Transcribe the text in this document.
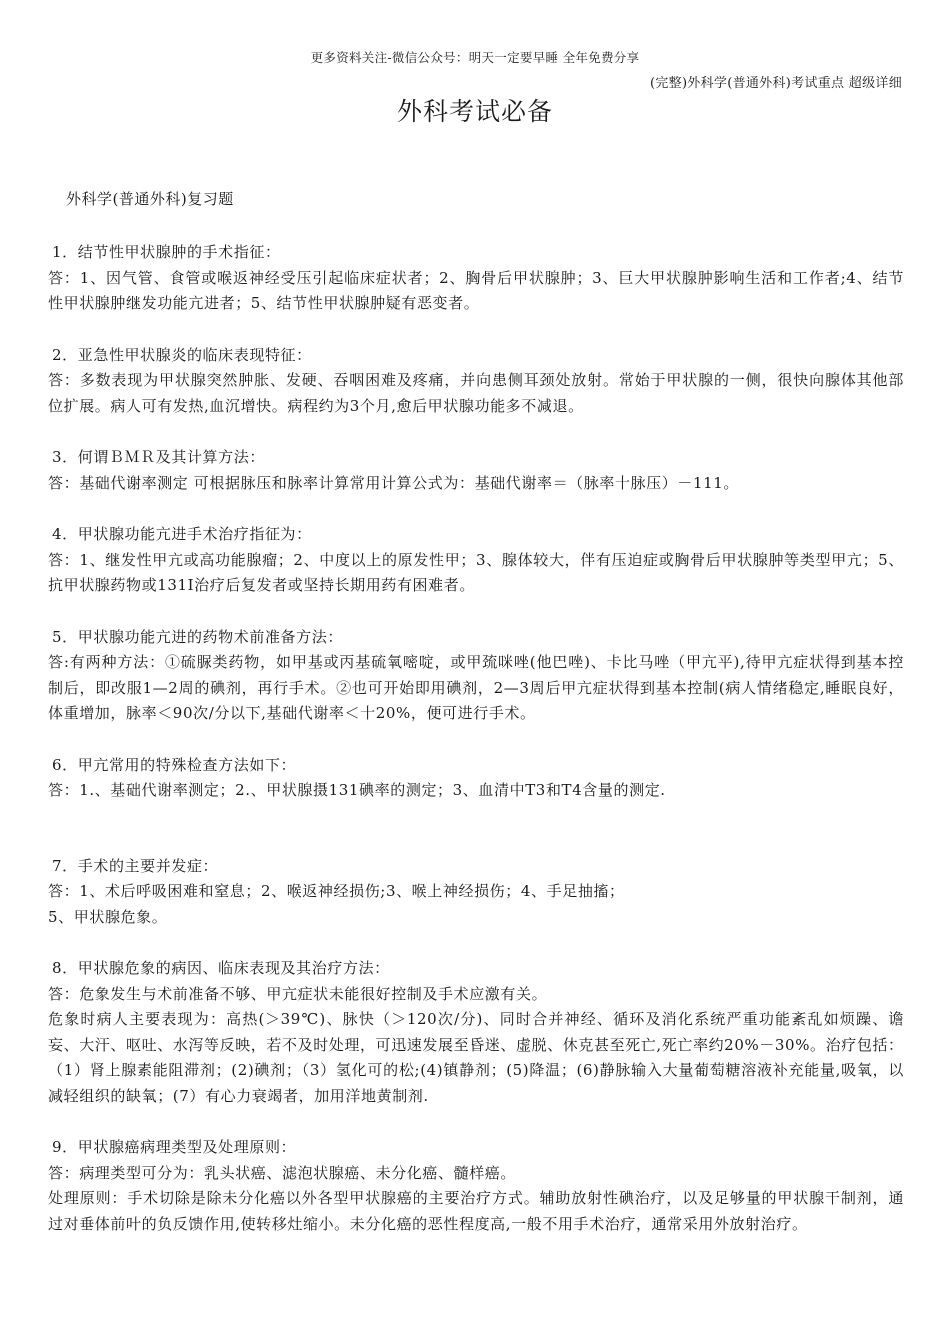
更多资料关注-微信公众号：明天一定要早睡 全年免费分享
(完整)外科学(普通外科)考试重点 超级详细
外科考试必备
外科学(普通外科)复习题

1．结节性甲状腺肿的手术指征：

答：1、因气管、食管或喉返神经受压引起临床症状者；2、胸骨后甲状腺肿；3、巨大甲状腺肿影响生活和工作者;4、结节性甲状腺肿继发功能亢进者；5、结节性甲状腺肿疑有恶变者。

2．亚急性甲状腺炎的临床表现特征：

答：多数表现为甲状腺突然肿胀、发硬、吞咽困难及疼痛，并向患侧耳颈处放射。常始于甲状腺的一侧，很快向腺体其他部位扩展。病人可有发热,血沉增快。病程约为3个月,愈后甲状腺功能多不减退。

3．何谓ＢＭＲ及其计算方法：

答：基础代谢率测定 可根据脉压和脉率计算常用计算公式为：基础代谢率＝（脉率十脉压）－111。

4．甲状腺功能亢进手术治疗指征为：

答：1、继发性甲亢或高功能腺瘤；2、中度以上的原发性甲；3、腺体较大，伴有压迫症或胸骨后甲状腺肿等类型甲亢；5、抗甲状腺药物或131I治疗后复发者或坚持长期用药有困难者。

5．甲状腺功能亢进的药物术前准备方法：

答:有两种方法：①硫脲类药物，如甲基或丙基硫氧嘧啶，或甲巯咪唑(他巴唑)、卡比马唑（甲亢平),待甲亢症状得到基本控制后，即改服1—2周的碘剂，再行手术。②也可开始即用碘剂，2—3周后甲亢症状得到基本控制(病人情绪稳定,睡眠良好，体重增加，脉率＜90次/分以下,基础代谢率＜十20%，便可进行手术。

6．甲亢常用的特殊检查方法如下：

答：1.、基础代谢率测定；2.、甲状腺摄131碘率的测定；3、血清中T3和T4含量的测定.

7．手术的主要并发症：

答：1、术后呼吸困难和窒息；2、喉返神经损伤;3、喉上神经损伤；4、手足抽搐；

5、甲状腺危象。

8．甲状腺危象的病因、临床表现及其治疗方法：

答：危象发生与术前准备不够、甲亢症状未能很好控制及手术应激有关。

危象时病人主要表现为：高热(＞39℃)、脉快（＞120次/分)、同时合并神经、循环及消化系统严重功能紊乱如烦躁、谵妄、大汗、呕吐、水泻等反映，若不及时处理，可迅速发展至昏迷、虚脱、休克甚至死亡,死亡率约20%－30%。治疗包括：

（1）肾上腺素能阻滞剂；(2)碘剂；（3）氢化可的松;(4)镇静剂；(5)降温；(6)静脉输入大量葡萄糖溶液补充能量,吸氧，以减轻组织的缺氧；(7）有心力衰竭者，加用洋地黄制剂.

9．甲状腺癌病理类型及处理原则：

答：病理类型可分为：乳头状癌、滤泡状腺癌、未分化癌、髓样癌。

处理原则：手术切除是除未分化癌以外各型甲状腺癌的主要治疗方式。辅助放射性碘治疗，以及足够量的甲状腺干制剂，通过对垂体前叶的负反馈作用,使转移灶缩小。未分化癌的恶性程度高,一般不用手术治疗，通常采用外放射治疗。
